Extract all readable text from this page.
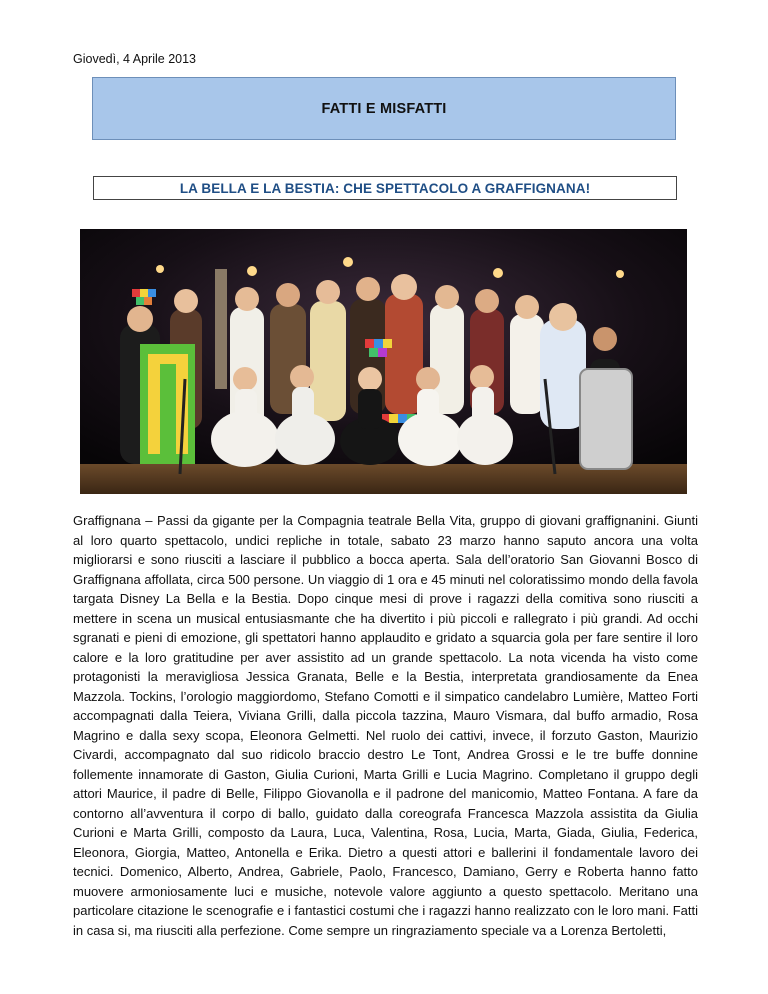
Giovedì, 4 Aprile 2013
FATTI E MISFATTI
LA BELLA E LA BESTIA: CHE SPETTACOLO A GRAFFIGNANA!

Graffignana – Passi da gigante per la Compagnia teatrale Bella Vita, gruppo di giovani graffignanini. Giunti al loro quarto spettacolo, undici repliche in totale, sabato 23 marzo hanno saputo ancora una volta migliorarsi e sono riusciti a lasciare il pubblico a bocca aperta. Sala dell’oratorio San Giovanni Bosco di Graffignana affollata, circa 500 persone. Un viaggio di 1 ora e 45 minuti nel coloratissimo mondo della favola targata Disney La Bella e la Bestia. Dopo cinque mesi di prove i ragazzi della comitiva sono riusciti a mettere in scena un musical entusiasmante che ha divertito i più piccoli e rallegrato i più grandi. Ad occhi sgranati e pieni di emozione, gli spettatori hanno applaudito e gridato a squarcia gola per fare sentire il loro calore e la loro gratitudine per aver assistito ad un grande spettacolo. La nota vicenda ha visto come protagonisti la meravigliosa Jessica Granata, Belle e la Bestia, interpretata grandiosamente da Enea Mazzola. Tockins, l’orologio maggiordomo, Stefano Comotti e il simpatico candelabro Lumière, Matteo Forti accompagnati dalla Teiera, Viviana Grilli, dalla piccola tazzina, Mauro Vismara, dal buffo armadio, Rosa Magrino e dalla sexy scopa, Eleonora Gelmetti. Nel ruolo dei cattivi, invece, il forzuto Gaston, Maurizio Civardi, accompagnato dal suo ridicolo braccio destro Le Tont, Andrea Grossi e le tre buffe donnine follemente innamorate di Gaston, Giulia Curioni, Marta Grilli e Lucia Magrino. Completano il gruppo degli attori Maurice, il padre di Belle, Filippo Giovanolla e il padrone del manicomio, Matteo Fontana. A fare da contorno all’avventura il corpo di ballo, guidato dalla coreografa Francesca Mazzola assistita da Giulia Curioni e Marta Grilli, composto da Laura, Luca, Valentina, Rosa, Lucia, Marta, Giada, Giulia, Federica, Eleonora, Giorgia, Matteo, Antonella e Erika. Dietro a questi attori e ballerini il fondamentale lavoro dei tecnici. Domenico, Alberto, Andrea, Gabriele, Paolo, Francesco, Damiano, Gerry e Roberta hanno fatto muovere armoniosamente luci e musiche, notevole valore aggiunto a questo spettacolo. Meritano una particolare citazione le scenografie e i fantastici costumi che i ragazzi hanno realizzato con le loro mani. Fatti in casa si, ma riusciti alla perfezione. Come sempre un ringraziamento speciale va a Lorenza Bertoletti,
